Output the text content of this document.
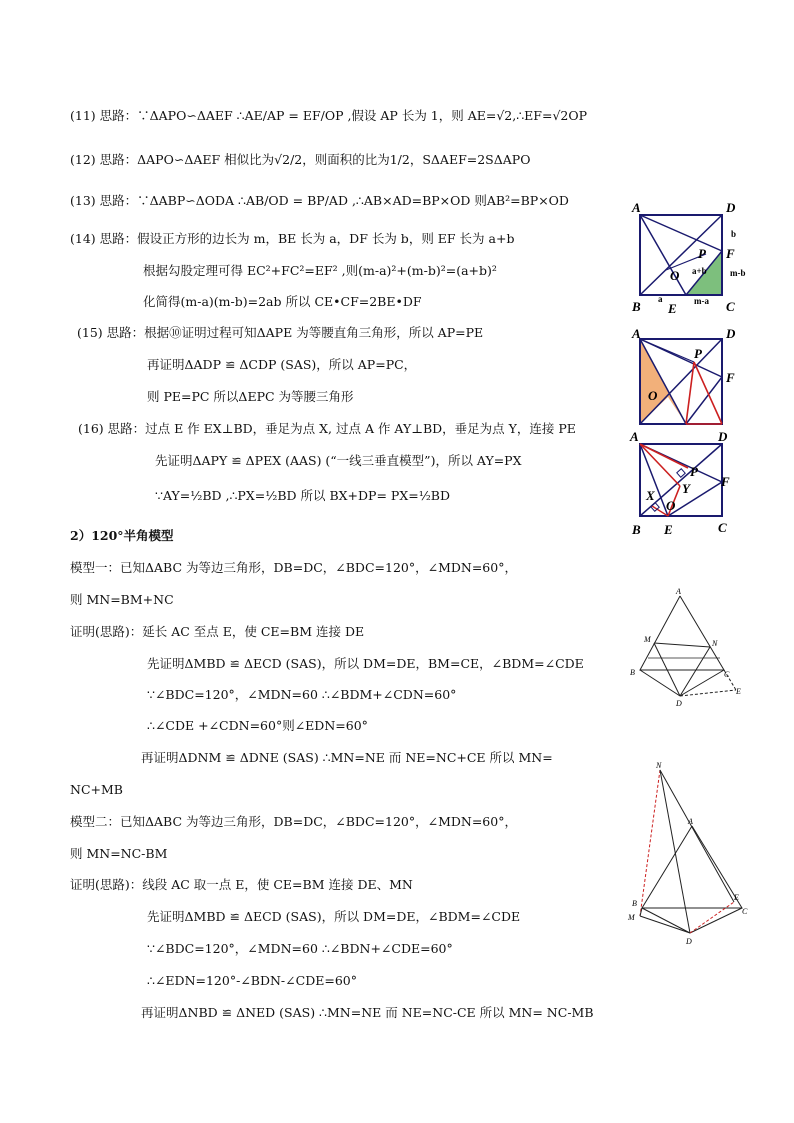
(11) 思路：∵ΔAPO∽ΔAEF ∴AE/AP = EF/OP ,假设 AP 长为 1，则 AE=√2,∴EF=√2OP
(12) 思路：ΔAPO∽ΔAEF 相似比为√2/2，则面积的比为1/2，SΔAEF=2SΔAPO
(13) 思路：∵ΔABP∽ΔODA ∴AB/OD = BP/AD ,∴AB×AD=BP×OD 则AB²=BP×OD
(14) 思路：假设正方形的边长为 m，BE 长为 a，DF 长为 b，则 EF 长为 a+b
根据勾股定理可得 EC²+FC²=EF² ,则(m-a)²+(m-b)²=(a+b)²
化简得(m-a)(m-b)=2ab 所以 CE•CF=2BE•DF
(15) 思路：根据⑩证明过程可知ΔAPE 为等腰直角三角形，所以 AP=PE
再证明ΔADP ≌ ΔCDP (SAS)，所以 AP=PC，
则 PE=PC 所以ΔEPC 为等腰三角形
(16) 思路：过点 E 作 EX⊥BD，垂足为点 X, 过点 A 作 AY⊥BD，垂足为点 Y，连接 PE
先证明ΔAPY ≌ ΔPEX (AAS) (“一线三垂直模型”)，所以 AY=PX
∵AY=½BD ,∴PX=½BD 所以 BX+DP= PX=½BD
2）120°半角模型
模型一：已知ΔABC 为等边三角形，DB=DC，∠BDC=120°，∠MDN=60°，
则 MN=BM+NC
证明(思路)：延长 AC 至点 E，使 CE=BM 连接 DE
先证明ΔMBD ≌ ΔECD (SAS)，所以 DM=DE，BM=CE，∠BDM=∠CDE
∵∠BDC=120°，∠MDN=60 ∴∠BDM+∠CDN=60°
∴∠CDE +∠CDN=60°则∠EDN=60°
再证明ΔDNM ≌ ΔDNE (SAS) ∴MN=NE 而 NE=NC+CE 所以 MN=
NC+MB
模型二：已知ΔABC 为等边三角形，DB=DC，∠BDC=120°，∠MDN=60°，
则 MN=NC-BM
证明(思路)：线段 AC 取一点 E，使 CE=BM 连接 DE、MN
先证明ΔMBD ≌ ΔECD (SAS)，所以 DM=DE，∠BDM=∠CDE
∵∠BDC=120°，∠MDN=60 ∴∠BDN+∠CDE=60°
∴∠EDN=120°-∠BDN-∠CDE=60°
再证明ΔNBD ≌ ΔNED (SAS) ∴MN=NE 而 NE=NC-CE 所以 MN= NC-MB
A	D
B	C
E
F
O
P
a
b
a+b
m-a
m-b
A	D
F
P
O
A	D
B	C
E
F
P
O
X Y
A
M	N
B	C
D
E
N
A
B
M
E
C
D
